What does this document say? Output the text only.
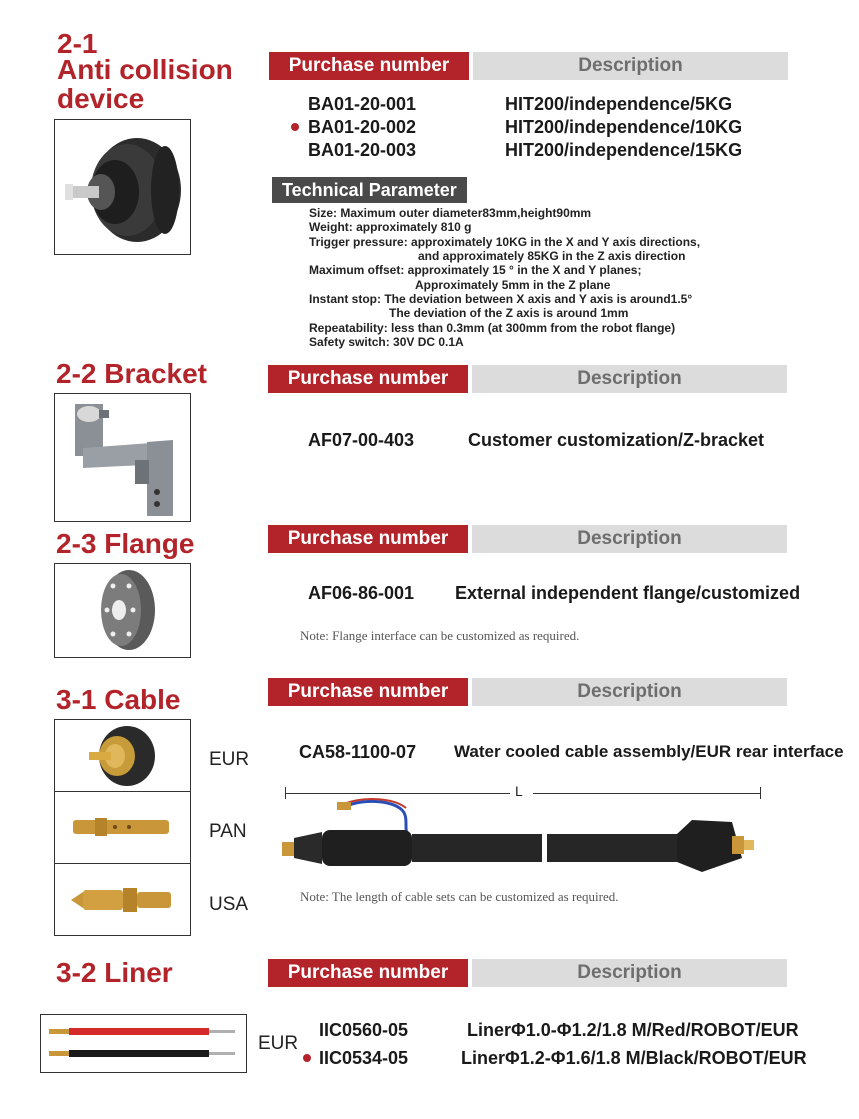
2-1
Anti collision
device
Purchase number	Description
BA01-20-001	HIT200/independence/5KG
BA01-20-002	HIT200/independence/10KG
BA01-20-003	HIT200/independence/15KG
Technical Parameter
Size: Maximum outer diameter83mm,height90mm
Weight: approximately 810 g
Trigger pressure: approximately 10KG in the X and Y axis directions,
and approximately 85KG in the Z axis direction
Maximum offset: approximately 15 ° in the X and Y planes;
Approximately 5mm in the Z plane
Instant stop: The deviation between X axis and Y axis is around1.5°
The deviation of the Z axis is around 1mm
Repeatability: less than 0.3mm (at 300mm from the robot flange)
Safety switch: 30V DC 0.1A
2-2 Bracket	Purchase number	Description
AF07-00-403	Customer customization/Z-bracket
2-3 Flange	Purchase number	Description
AF06-86-001 External independent flange/customized
Note: Flange interface can be customized as required.
3-1 Cable
EUR
PAN
USA
Purchase number	Description
CA58-1100-07 Water cooled cable assembly/EUR rear interface
L
Note: The length of cable sets can be customized as required.
3-2 Liner
EUR
Purchase number	Description
IIC0560-05	LinerΦ1.0-Φ1.2/1.8 M/Red/ROBOT/EUR
IIC0534-05	LinerΦ1.2-Φ1.6/1.8 M/Black/ROBOT/EUR
